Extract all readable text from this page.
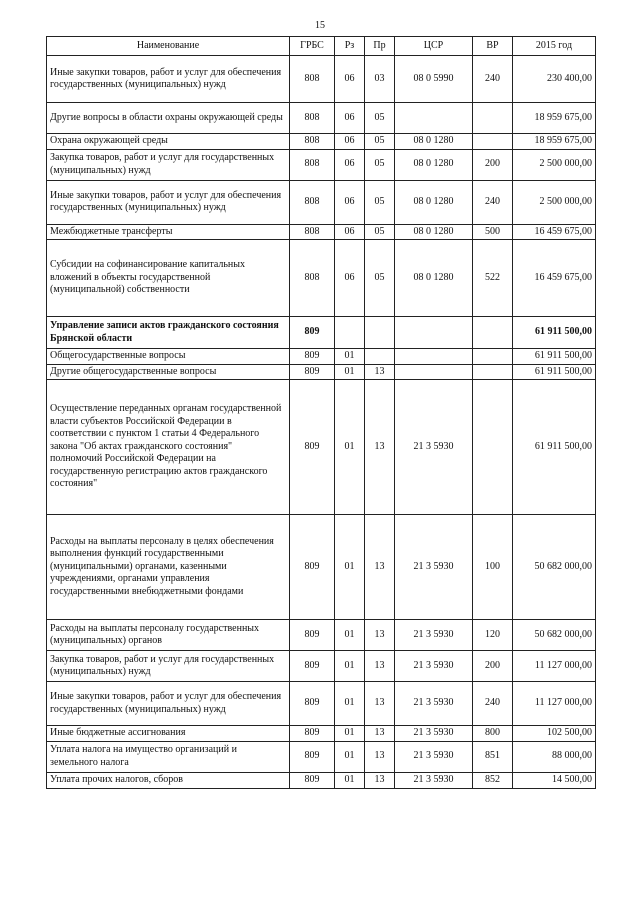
15
Наименование	ГРБС	Рз	Пр	ЦСР	ВР	2015 год
Иные закупки товаров, работ и услуг для обеспечения государственных (муниципальных) нужд	808	06	03	08 0 5990	240	230 400,00
Другие вопросы в области охраны окружающей среды	808	06	05			18 959 675,00
Охрана окружающей среды	808	06	05	08 0 1280		18 959 675,00
Закупка товаров, работ и услуг для государственных (муниципальных) нужд	808	06	05	08 0 1280	200	2 500 000,00
Иные закупки товаров, работ и услуг для обеспечения государственных (муниципальных) нужд	808	06	05	08 0 1280	240	2 500 000,00
Межбюджетные трансферты	808	06	05	08 0 1280	500	16 459 675,00
Субсидии на софинансирование капитальных вложений в объекты государственной (муниципальной) собственности	808	06	05	08 0 1280	522	16 459 675,00
Управление записи актов гражданского состояния Брянской области	809					61 911 500,00
Общегосударственные вопросы	809	01				61 911 500,00
Другие общегосударственные вопросы	809	01	13			61 911 500,00
Осуществление переданных органам государственной власти субъектов Российской Федерации в соответствии с пунктом 1 статьи 4 Федерального закона "Об актах гражданского состояния" полномочий Российской Федерации на государственную регистрацию актов гражданского состояния"	809	01	13	21 3 5930		61 911 500,00
Расходы на выплаты персоналу в целях обеспечения выполнения функций государственными (муниципальными) органами, казенными учреждениями, органами управления государственными внебюджетными фондами	809	01	13	21 3 5930	100	50 682 000,00
Расходы на выплаты персоналу государственных (муниципальных) органов	809	01	13	21 3 5930	120	50 682 000,00
Закупка товаров, работ и услуг для государственных (муниципальных) нужд	809	01	13	21 3 5930	200	11 127 000,00
Иные закупки товаров, работ и услуг для обеспечения государственных (муниципальных) нужд	809	01	13	21 3 5930	240	11 127 000,00
Иные бюджетные ассигнования	809	01	13	21 3 5930	800	102 500,00
Уплата налога на имущество организаций и земельного налога	809	01	13	21 3 5930	851	88 000,00
Уплата прочих налогов, сборов	809	01	13	21 3 5930	852	14 500,00
